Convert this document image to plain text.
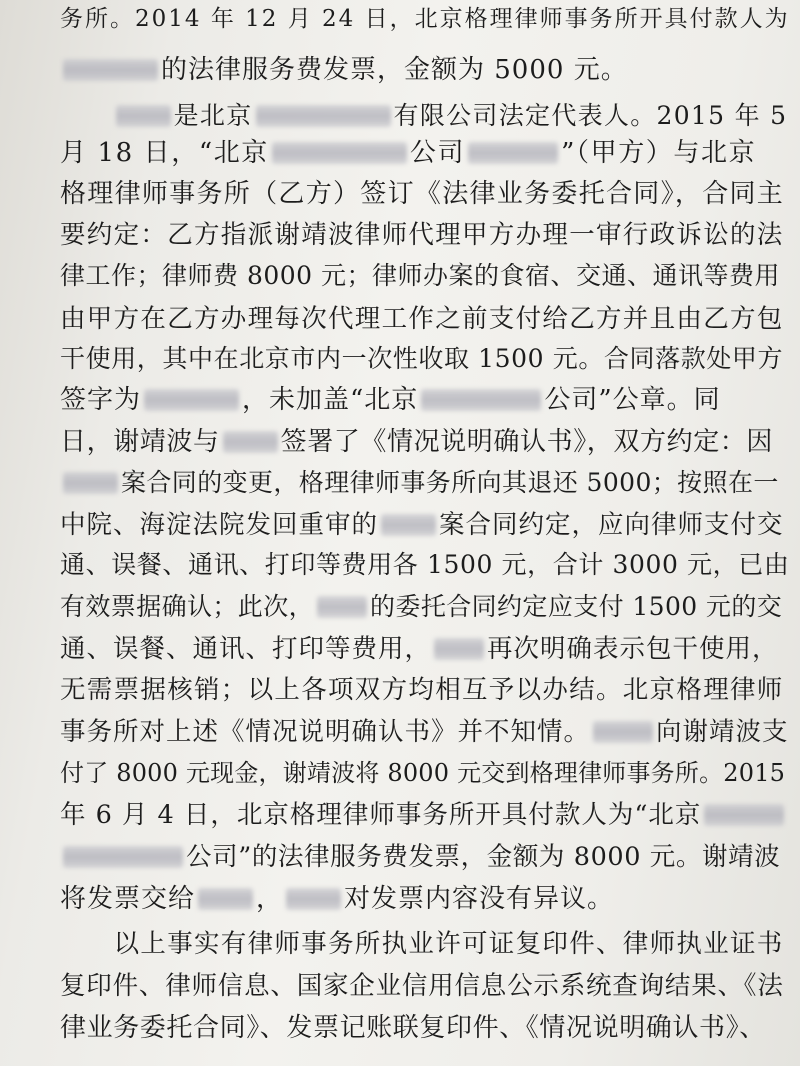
务所。2014 年 12 月 24 日，北京格理律师事务所开具付款人为
的法律服务费发票，金额为 5000 元。
　　是北京	有限公司法定代表人。2015 年 5
月 18 日，“北京	公司	”（甲方）与北京
格理律师事务所（乙方）签订《法律业务委托合同》，合同主
要约定：乙方指派谢靖波律师代理甲方办理一审行政诉讼的法
律工作；律师费 8000 元；律师办案的食宿、交通、通讯等费用
由甲方在乙方办理每次代理工作之前支付给乙方并且由乙方包
干使用，其中在北京市内一次性收取 1500 元。合同落款处甲方
签字为	，未加盖“北京	公司”公章。同
日，谢靖波与 签署了《情况说明确认书》，双方约定：因
案合同的变更，格理律师事务所向其退还 5000；按照在一
中院、海淀法院发回重审的 案合同约定，应向律师支付交
通、误餐、通讯、打印等费用各 1500 元，合计 3000 元，已由
有效票据确认；此次， 的委托合同约定应支付 1500 元的交
通、误餐、通讯、打印等费用， 再次明确表示包干使用，
无需票据核销；以上各项双方均相互予以办结。北京格理律师
事务所对上述《情况说明确认书》并不知情。	向谢靖波支
付了 8000 元现金，谢靖波将 8000 元交到格理律师事务所。2015
年 6 月 4 日，北京格理律师事务所开具付款人为“北京
公司”的法律服务费发票，金额为 8000 元。谢靖波
将发票交给 ， 对发票内容没有异议。
　　以上事实有律师事务所执业许可证复印件、律师执业证书
复印件、律师信息、国家企业信用信息公示系统查询结果、《法
律业务委托合同》、发票记账联复印件、《情况说明确认书》、
